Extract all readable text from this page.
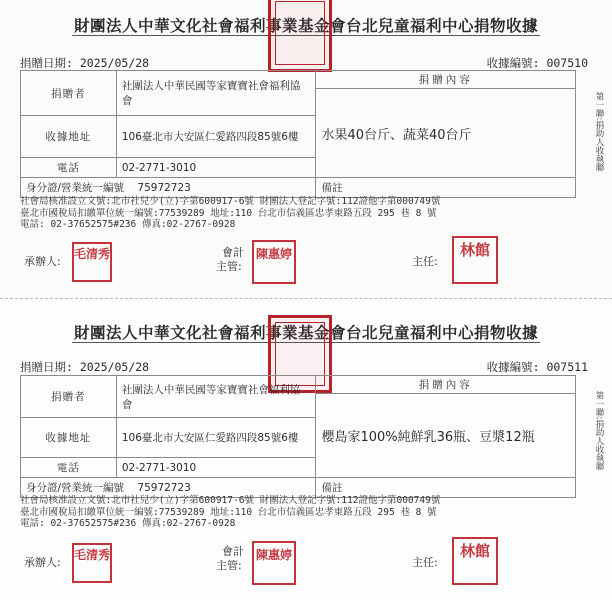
財團法人中華文化社會福利事業基金會台北兒童福利中心捐物收據
捐贈日期: 2025/05/28	收據編號: 007510
捐贈者	社團法人中華民國等家寶寶社會福利協會	捐贈內容
		水果40台斤、蔬菜40台斤
收據地址	106臺北市大安區仁愛路四段85號6樓	
電話	02-2771-3010	
身分證/營業統一編號 75972723		備註
社會局核准設立文號:北市社兒少(立)字第600917-6號 財團法人登記字號:112證他字第000749號
臺北市國稅局扣繳單位統一編號:77539289 地址:110 台北市信義區忠孝東路五段 295 巷 8 號
電話: 02-37652575#236 傳真:02-2767-0928
承辦人:
毛清秀	會計
主管:
陳惠婷
主任:
林館
第一聯:捐助人收執聯
財團法人中華文化社會福利事業基金會台北兒童福利中心捐物收據
捐贈日期: 2025/05/28	收據編號: 007511
捐贈者	社團法人中華民國等家寶寶社會福利協會	捐贈內容
		櫻島家100%純鮮乳36瓶、豆漿12瓶
收據地址	106臺北市大安區仁愛路四段85號6樓	
電話	02-2771-3010	
身分證/營業統一編號 75972723		備註
社會局核准設立文號:北市社兒少(立)字第600917-6號 財團法人登記字號:112證他字第000749號
臺北市國稅局扣繳單位統一編號:77539289 地址:110 台北市信義區忠孝東路五段 295 巷 8 號
電話: 02-37652575#236 傳真:02-2767-0928
承辦人:
毛清秀	會計
主管:
陳惠婷
主任:
林館
第一聯:捐助人收執聯
